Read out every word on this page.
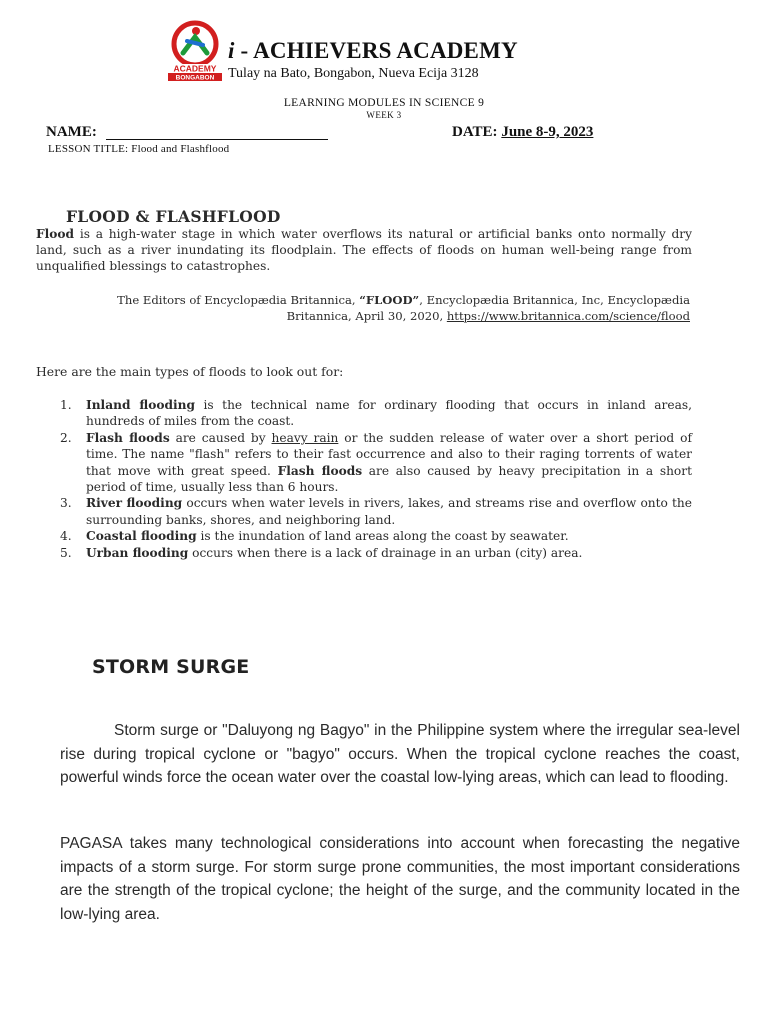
ACADEMY
BONGABON
i - ACHIEVERS ACADEMY
Tulay na Bato, Bongabon, Nueva Ecija 3128
LEARNING MODULES IN SCIENCE 9
WEEK 3
NAME:	DATE: June 8-9, 2023
LESSON TITLE: Flood and Flashflood
FLOOD & FLASHFLOOD
Flood is a high-water stage in which water overflows its natural or artificial banks onto normally dry land, such as a river inundating its floodplain. The effects of floods on human well-being range from unqualified blessings to catastrophes.
The Editors of Encyclopædia Britannica, “FLOOD”, Encyclopædia Britannica, Inc, Encyclopædia Britannica, April 30, 2020, https://www.britannica.com/science/flood
Here are the main types of floods to look out for:
1. Inland flooding is the technical name for ordinary flooding that occurs in inland areas, hundreds of miles from the coast.
2. Flash floods are caused by heavy rain or the sudden release of water over a short period of time. The name "flash" refers to their fast occurrence and also to their raging torrents of water that move with great speed. Flash floods are also caused by heavy precipitation in a short period of time, usually less than 6 hours.
3. River flooding occurs when water levels in rivers, lakes, and streams rise and overflow onto the surrounding banks, shores, and neighboring land.
4. Coastal flooding is the inundation of land areas along the coast by seawater.
5. Urban flooding occurs when there is a lack of drainage in an urban (city) area.
STORM SURGE

Storm surge or "Daluyong ng Bagyo" in the Philippine system where the irregular sea-level rise during tropical cyclone or "bagyo" occurs. When the tropical cyclone reaches the coast, powerful winds force the ocean water over the coastal low-lying areas, which can lead to flooding.

PAGASA takes many technological considerations into account when forecasting the negative impacts of a storm surge. For storm surge prone communities, the most important considerations are the strength of the tropical cyclone; the height of the surge, and the community located in the low-lying area.
